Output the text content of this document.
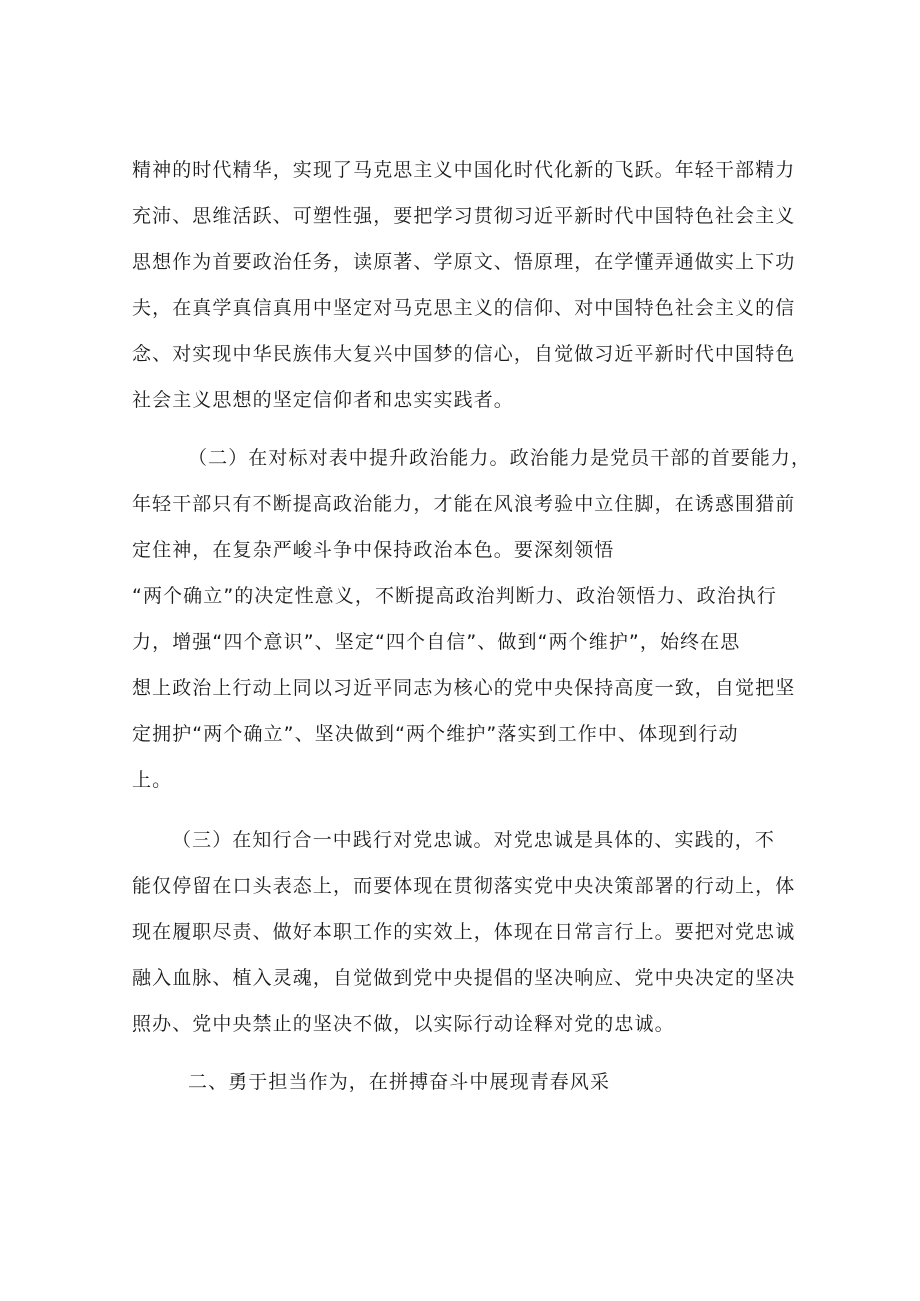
精神的时代精华，实现了马克思主义中国化时代化新的飞跃。年轻干部精力
充沛、思维活跃、可塑性强，要把学习贯彻习近平新时代中国特色社会主义
思想作为首要政治任务，读原著、学原文、悟原理，在学懂弄通做实上下功
夫，在真学真信真用中坚定对马克思主义的信仰、对中国特色社会主义的信
念、对实现中华民族伟大复兴中国梦的信心，自觉做习近平新时代中国特色
社会主义思想的坚定信仰者和忠实实践者。
（二）在对标对表中提升政治能力。政治能力是党员干部的首要能力，
年轻干部只有不断提高政治能力，才能在风浪考验中立住脚，在诱惑围猎前
定住神，在复杂严峻斗争中保持政治本色。要深刻领悟
“两个确立”的决定性意义，不断提高政治判断力、政治领悟力、政治执行
力，增强“四个意识”、坚定“四个自信”、做到“两个维护”，始终在思
想上政治上行动上同以习近平同志为核心的党中央保持高度一致，自觉把坚
定拥护“两个确立”、坚决做到“两个维护”落实到工作中、体现到行动
上。
（三）在知行合一中践行对党忠诚。对党忠诚是具体的、实践的，不
能仅停留在口头表态上，而要体现在贯彻落实党中央决策部署的行动上，体
现在履职尽责、做好本职工作的实效上，体现在日常言行上。要把对党忠诚
融入血脉、植入灵魂，自觉做到党中央提倡的坚决响应、党中央决定的坚决
照办、党中央禁止的坚决不做，以实际行动诠释对党的忠诚。
二、勇于担当作为，在拼搏奋斗中展现青春风采
